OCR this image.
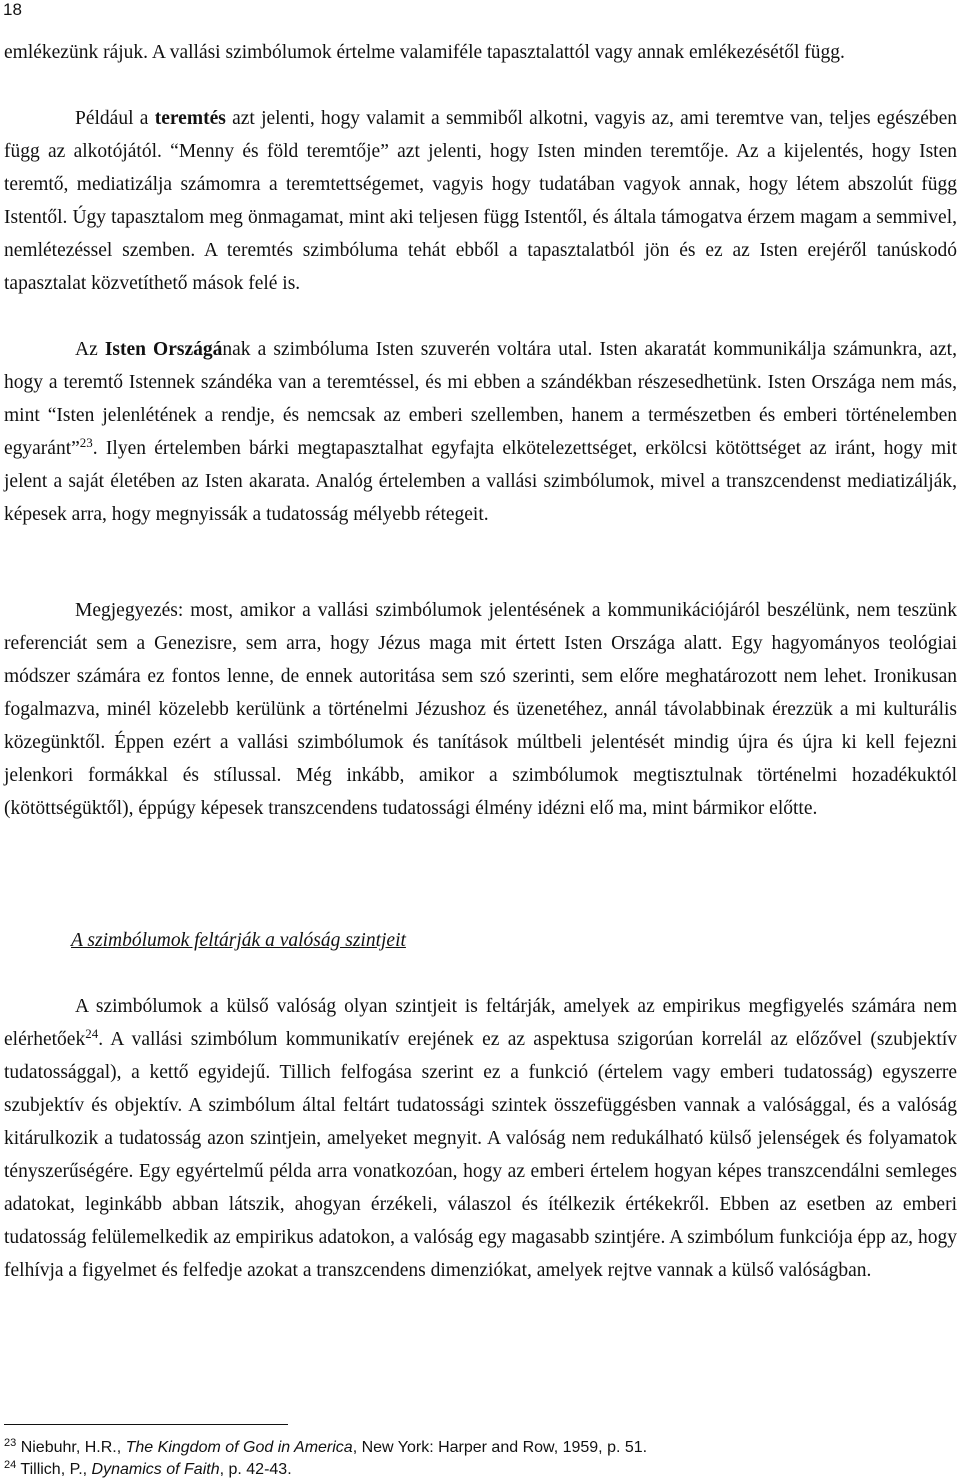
18

emlékezünk rájuk. A vallási szimbólumok értelme valamiféle tapasztalattól vagy annak emlékezésétől függ.

Például a teremtés azt jelenti, hogy valamit a semmiből alkotni, vagyis az, ami teremtve van, teljes egészében függ az alkotójától. “Menny és föld teremtője” azt jelenti, hogy Isten minden teremtője. Az a kijelentés, hogy Isten teremtő, mediatizálja számomra a teremtettségemet, vagyis hogy tudatában vagyok annak, hogy létem abszolút függ Istentől. Úgy tapasztalom meg önmagamat, mint aki teljesen függ Istentől, és általa támogatva érzem magam a semmivel, nemlétezéssel szemben. A teremtés szimbóluma tehát ebből a tapasztalatból jön és ez az Isten erejéről tanúskodó tapasztalat közvetíthető mások felé is.

Az Isten Országának a szimbóluma Isten szuverén voltára utal. Isten akaratát kommunikálja számunkra, azt, hogy a teremtő Istennek szándéka van a teremtéssel, és mi ebben a szándékban részesedhetünk. Isten Országa nem más, mint “Isten jelenlétének a rendje, és nemcsak az emberi szellemben, hanem a természetben és emberi történelemben egyaránt”$^{23}$. Ilyen értelemben bárki megtapasztalhat egyfajta elkötelezettséget, erkölcsi kötöttséget az iránt, hogy mit jelent a saját életében az Isten akarata. Analóg értelemben a vallási szimbólumok, mivel a transzcendenst mediatizálják, képesek arra, hogy megnyissák a tudatosság mélyebb rétegeit.

Megjegyezés: most, amikor a vallási szimbólumok jelentésének a kommunikációjáról beszélünk, nem teszünk referenciát sem a Genezisre, sem arra, hogy Jézus maga mit értett Isten Országa alatt. Egy hagyományos teológiai módszer számára ez fontos lenne, de ennek autoritása sem szó szerinti, sem előre meghatározott nem lehet. Ironikusan fogalmazva, minél közelebb kerülünk a történelmi Jézushoz és üzenetéhez, annál távolabbinak érezzük a mi kulturális közegünktől. Éppen ezért a vallási szimbólumok és tanítások múltbeli jelentését mindig újra és újra ki kell fejezni jelenkori formákkal és stílussal. Még inkább, amikor a szimbólumok megtisztulnak történelmi hozadékuktól (kötöttségüktől), éppúgy képesek transzcendens tudatossági élmény idézni elő ma, mint bármikor előtte.

A szimbólumok feltárják a valóság szintjeit

A szimbólumok a külső valóság olyan szintjeit is feltárják, amelyek az empirikus megfigyelés számára nem elérhetőek$^{24}$. A vallási szimbólum kommunikatív erejének ez az aspektusa szigorúan korrelál az előzővel (szubjektív tudatossággal), a kettő egyidejű. Tillich felfogása szerint ez a funkció (értelem vagy emberi tudatosság) egyszerre szubjektív és objektív. A szimbólum által feltárt tudatossági szintek összefüggésben vannak a valósággal, és a valóság kitárulkozik a tudatosság azon szintjein, amelyeket megnyit. A valóság nem redukálható külső jelenségek és folyamatok tényszerűségére. Egy egyértelmű példa arra vonatkozóan, hogy az emberi értelem hogyan képes transzcendálni semleges adatokat, leginkább abban látszik, ahogyan érzékeli, válaszol és ítélkezik értékekről. Ebben az esetben az emberi tudatosság felülemelkedik az empirikus adatokon, a valóság egy magasabb szintjére. A szimbólum funkciója épp az, hogy felhívja a figyelmet és felfedje azokat a transzcendens dimenziókat, amelyek rejtve vannak a külső valóságban.

$^{23}$ Niebuhr, H.R., The Kingdom of God in America, New York: Harper and Row, 1959, p. 51.
$^{24}$ Tillich, P., Dynamics of Faith, p. 42-43.
